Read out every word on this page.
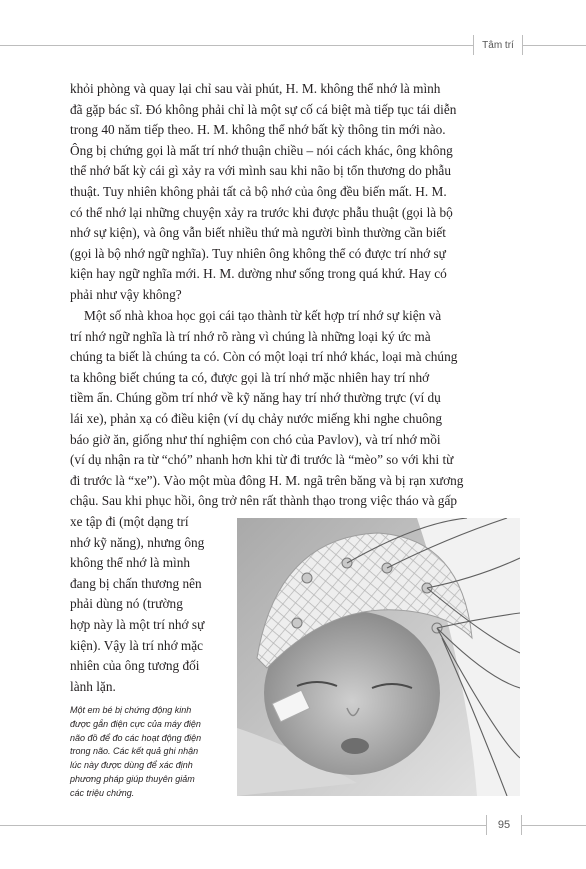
Tâm trí
khỏi phòng và quay lại chỉ sau vài phút, H. M. không thể nhớ là mình
đã gặp bác sĩ. Đó không phải chỉ là một sự cố cá biệt mà tiếp tục tái diễn
trong 40 năm tiếp theo. H. M. không thể nhớ bất kỳ thông tin mới nào.
Ông bị chứng gọi là mất trí nhớ thuận chiều – nói cách khác, ông không
thể nhớ bất kỳ cái gì xảy ra với mình sau khi não bị tổn thương do phẫu
thuật. Tuy nhiên không phải tất cả bộ nhớ của ông đều biến mất. H. M.
có thể nhớ lại những chuyện xảy ra trước khi được phẫu thuật (gọi là bộ
nhớ sự kiện), và ông vẫn biết nhiều thứ mà người bình thường cần biết
(gọi là bộ nhớ ngữ nghĩa). Tuy nhiên ông không thể có được trí nhớ sự
kiện hay ngữ nghĩa mới. H. M. dường như sống trong quá khứ. Hay có
phải như vậy không?
Một số nhà khoa học gọi cái tạo thành từ kết hợp trí nhớ sự kiện và
trí nhớ ngữ nghĩa là trí nhớ rõ ràng vì chúng là những loại ký ức mà
chúng ta biết là chúng ta có. Còn có một loại trí nhớ khác, loại mà chúng
ta không biết chúng ta có, được gọi là trí nhớ mặc nhiên hay trí nhớ
tiềm ẩn. Chúng gồm trí nhớ về kỹ năng hay trí nhớ thường trực (ví dụ
lái xe), phản xạ có điều kiện (ví dụ chảy nước miếng khi nghe chuông
báo giờ ăn, giống như thí nghiệm con chó của Pavlov), và trí nhớ mồi
(ví dụ nhận ra từ “chó” nhanh hơn khi từ đi trước là “mèo” so với khi từ
đi trước là “xe”). Vào một mùa đông H. M. ngã trên băng và bị rạn xương
chậu. Sau khi phục hồi, ông trở nên rất thành thạo trong việc tháo và gấp
xe tập đi (một dạng trí
nhớ kỹ năng), nhưng ông
không thể nhớ là mình
đang bị chấn thương nên
phải dùng nó (trường
hợp này là một trí nhớ sự
kiện). Vậy là trí nhớ mặc
nhiên của ông tương đối
lành lặn.
Một em bé bị chứng động kinh
được gắn điện cực của máy điện
não đồ để đo các hoạt động điện
trong não. Các kết quả ghi nhận
lúc này được dùng để xác định
phương pháp giúp thuyên giảm
các triệu chứng.
95
